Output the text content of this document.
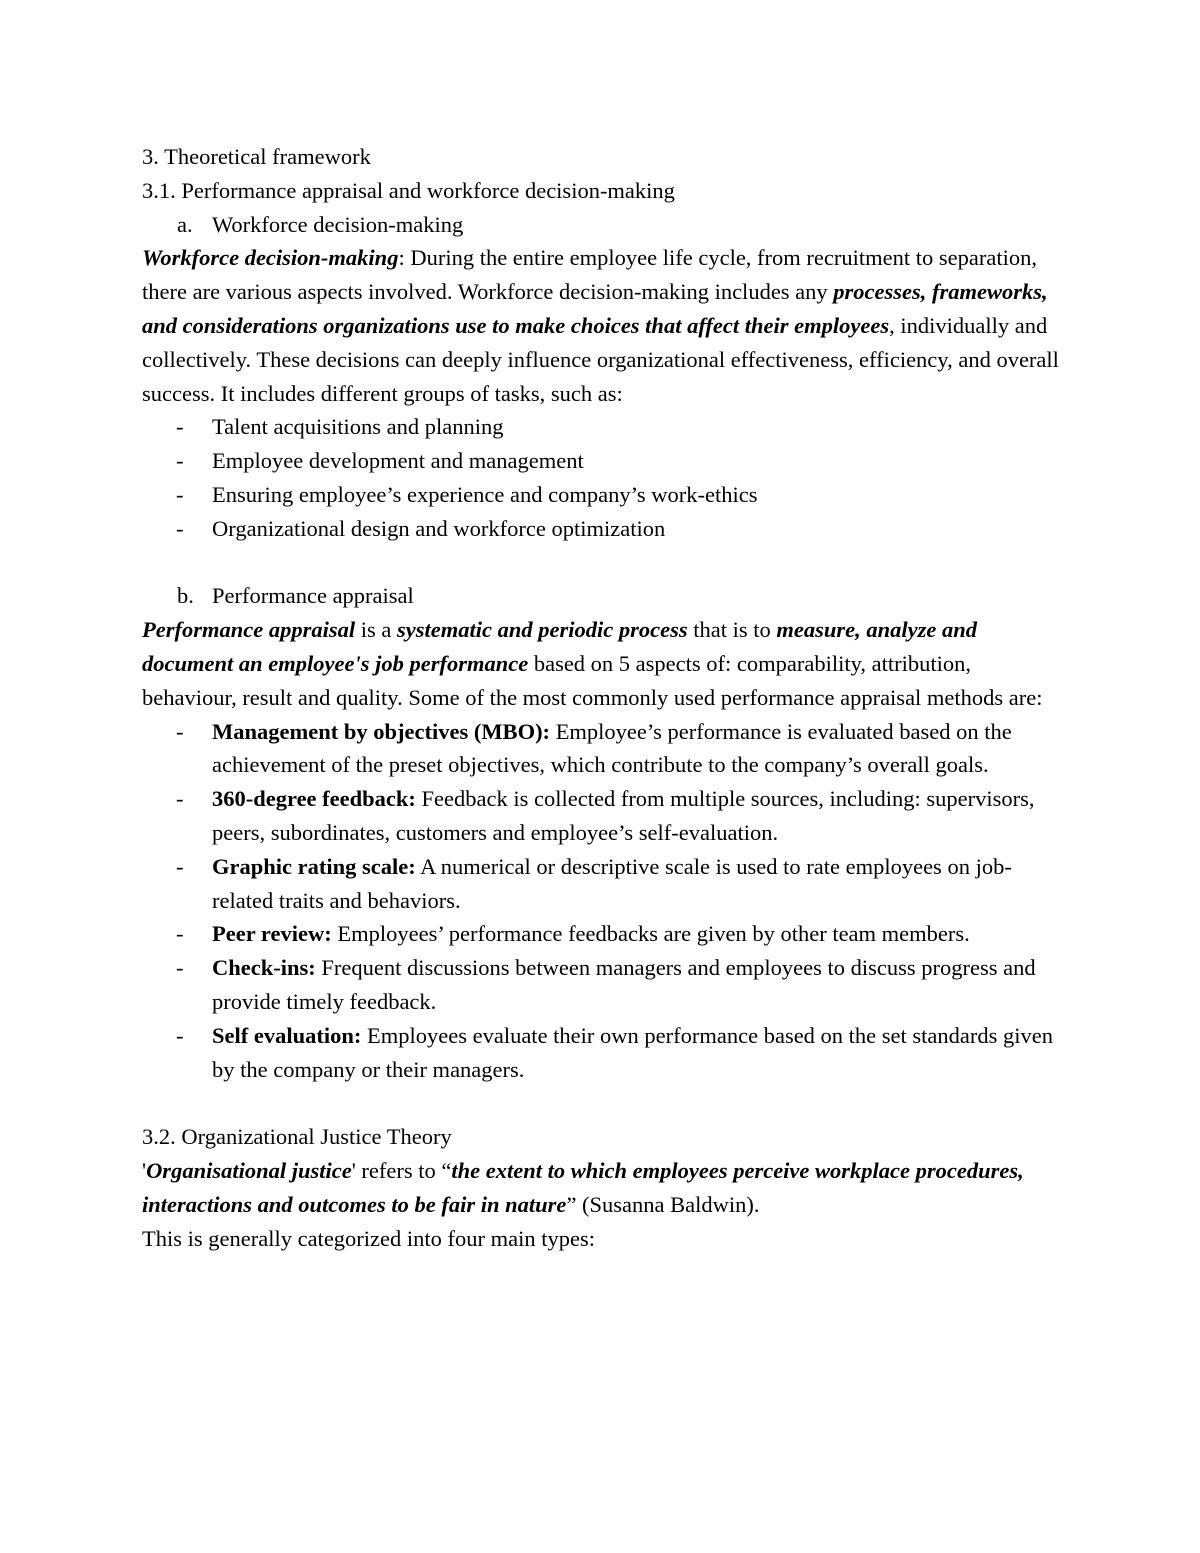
3. Theoretical framework

3.1. Performance appraisal and workforce decision-making

a. Workforce decision-making

Workforce decision-making: During the entire employee life cycle, from recruitment to separation, there are various aspects involved. Workforce decision-making includes any processes, frameworks, and considerations organizations use to make choices that affect their employees, individually and collectively. These decisions can deeply influence organizational effectiveness, efficiency, and overall success. It includes different groups of tasks, such as:

- Talent acquisitions and planning
- Employee development and management
- Ensuring employee’s experience and company’s work-ethics
- Organizational design and workforce optimization

b. Performance appraisal

Performance appraisal is a systematic and periodic process that is to measure, analyze and document an employee's job performance based on 5 aspects of: comparability, attribution, behaviour, result and quality. Some of the most commonly used performance appraisal methods are:

- Management by objectives (MBO): Employee’s performance is evaluated based on the achievement of the preset objectives, which contribute to the company’s overall goals.
- 360-degree feedback: Feedback is collected from multiple sources, including: supervisors, peers, subordinates, customers and employee’s self-evaluation.
- Graphic rating scale: A numerical or descriptive scale is used to rate employees on job-related traits and behaviors.
- Peer review: Employees’ performance feedbacks are given by other team members.
- Check-ins: Frequent discussions between managers and employees to discuss progress and provide timely feedback.
- Self evaluation: Employees evaluate their own performance based on the set standards given by the company or their managers.

3.2. Organizational Justice Theory

'Organisational justice' refers to “the extent to which employees perceive workplace procedures, interactions and outcomes to be fair in nature” (Susanna Baldwin).

This is generally categorized into four main types:
